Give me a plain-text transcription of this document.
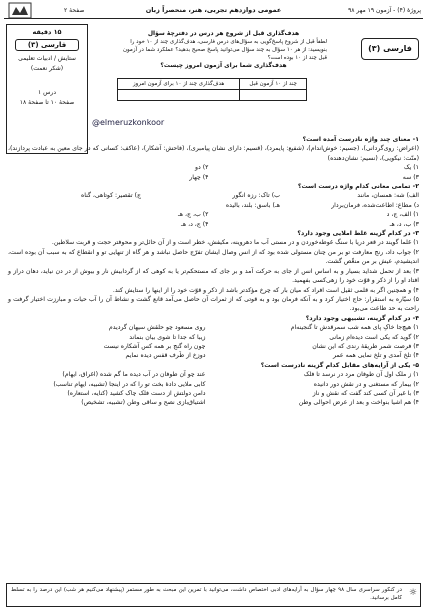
پروژهٔ (۴) - آزمون ۱۹ مهر ۹۸
عمومی دوازدهم تجربی، هنر، منحصراً زبان
صفحهٔ ۲
فارسی (۳)
هدف‌گذاری قبل از شروع هر درس در دفترچهٔ سؤال
لطفاً قبل از شروع پاسخ‌گویی به سؤال‌های درس فارسی، هدف‌گذاری چند از ۱۰ خود را بنویسید: از هر ۱۰ سؤال به چند سؤال می‌توانید پاسخ صحیح بدهید؟ عملکرد شما در آزمون قبل چند از ۱۰ بوده است؟
هدف‌گذاری شما برای آزمون امروز چیست؟
چند از ۱۰ آزمون قبل	هدف‌گذاری چند از ۱۰ برای آزمون امروز

۱۵ دقیقه
فارسی (۳)
ستایش / ادبیات تعلیمی
(شکر نعمت)
درس ۱
صفحهٔ ۱۰ تا صفحهٔ ۱۸
@elmeruzkonkoor

۱- معنای چند واژه نادرست آمده است؟

(اعراض: روی‌گردانی)، (جسیم: خوش‌اندام)، (شفیع: پایمرد)، (قسیم: دارای نشان پیامبری)، (فاحش: آشکار)، (عاکف: کسانی که در جای معین به عبادت پردازند)، (منّت: نیکویی)، (نسیم: نشان‌دهنده)

۱) یک
۲) دو
۳) سه
۴) چهار

۲- تمامی معانی کدام واژه درست است؟

الف) شه: همسان، مانند
ب) تاک: رزه انگور
ج) تقصیر: کوتاهی، گناه
د) مطاع: اطاعت‌شده، فرمان‌بردار
هـ) باسق: بلند، بالیده
۱) الف، ج، د
۲) ب، ج، هـ
۳) ب، د، هـ
۴) ج، د، هـ

۳- در کدام گزینه غلط املایی وجود دارد؟

۱) غلما گویند در قعر دریا با سنگ غوطه‌خوردن و در مستی آب ما دهروینه، مکیفش، خطر است و از آن حائل‌تر و محوفتر حجت و قربت سلاطین.

۲) جواب داد، رنج معارفت تو بر من چنان مستولی شده بود که از انس وصال ایشان تفرّج حاصل نباشد و هر گاه از تنهایی تو و انقطاع که به سبب آن بوده است، اندیشیدم، عیش بر من منغّص گشت.

۳) بعد از تحمل شداید بسیار و به اساس انس از جای به حرکت آمد و بر جای که مستحکم‌تر یا به کوهی که از گردابیش نار و بیوش از در دن نیاید، دهان دراز و افتاد او را از ذکر و قوّت خود را زهی‌کسی بفهمید.

۴) و همچنین اگر به قلمی ثقیل است افراد که میان بار که چرخ مؤکدتر باشد از ذکر و قوّت خود را از اینها را ستایش کند.

۵) سیّاره به استقرار: حاج اختیار کرد و به آنکه فرمان بود و به قوتی که از ثمرات آن حاصل می‌آمد قانع گشت و نشاط آن را آب حیات و مبارزت اختیار گرفت و راحت به حد طاعت می‌بود.

۴- در کدام گزینه، تشبیهی وجود دارد؟

۱) هیچ‌جا خاکِ پای همه شب سمرقدش تا گنجینه‌ام
روی مسعود چو حلقش سیهان گردیدم
۲) گوید که یکی است دیده‌ام زمانی
زیبا که جدا تا شوی بیان بنماند
۳) فرصت شمر طریقهٔ رندی که این نشان
چون راه گنج بر همه کس آشکاره نیست
۴) تلخ آمدی و تلخ نمایی همه عمر
دوزخ از طَرف قفس دیده نمایم

۵- یکی از آرایه‌های مقابل کدام گزینه نادرست است؟

۱) ز ملک اول آن طوفان مرد در نرسد تا فلک
عند چو آن طوفان در آب دیده ما گم شده (اغراق، ایهام)
۲) بیمار که مستغنی و در نقش دور دانیده
کابی ملایی دادهٔ بخت تو را که در اینجا (تشبیه، ایهام تناسب)
۳) با غیر آن کسی کند گفت که نقش و ناز
دامن دولتش از دست فلک چاک کشید (کنایه، استعاره)
۴) هم اشیا بنواخت و بعد از عرض احوالی وطن
اشتیاق‌بازی نصح و ساقی وطن (تشبیه، تشخیص)
☼
در کنکور سراسری سال ۹۸ چهار سؤال به آرایه‌های ادبی اختصاص داشت، می‌توانید با تمرین این مبحث به طور مستمر (پیشنهاد می‌کنیم هر شب) این درصد را به تسلط کامل برسانید.
